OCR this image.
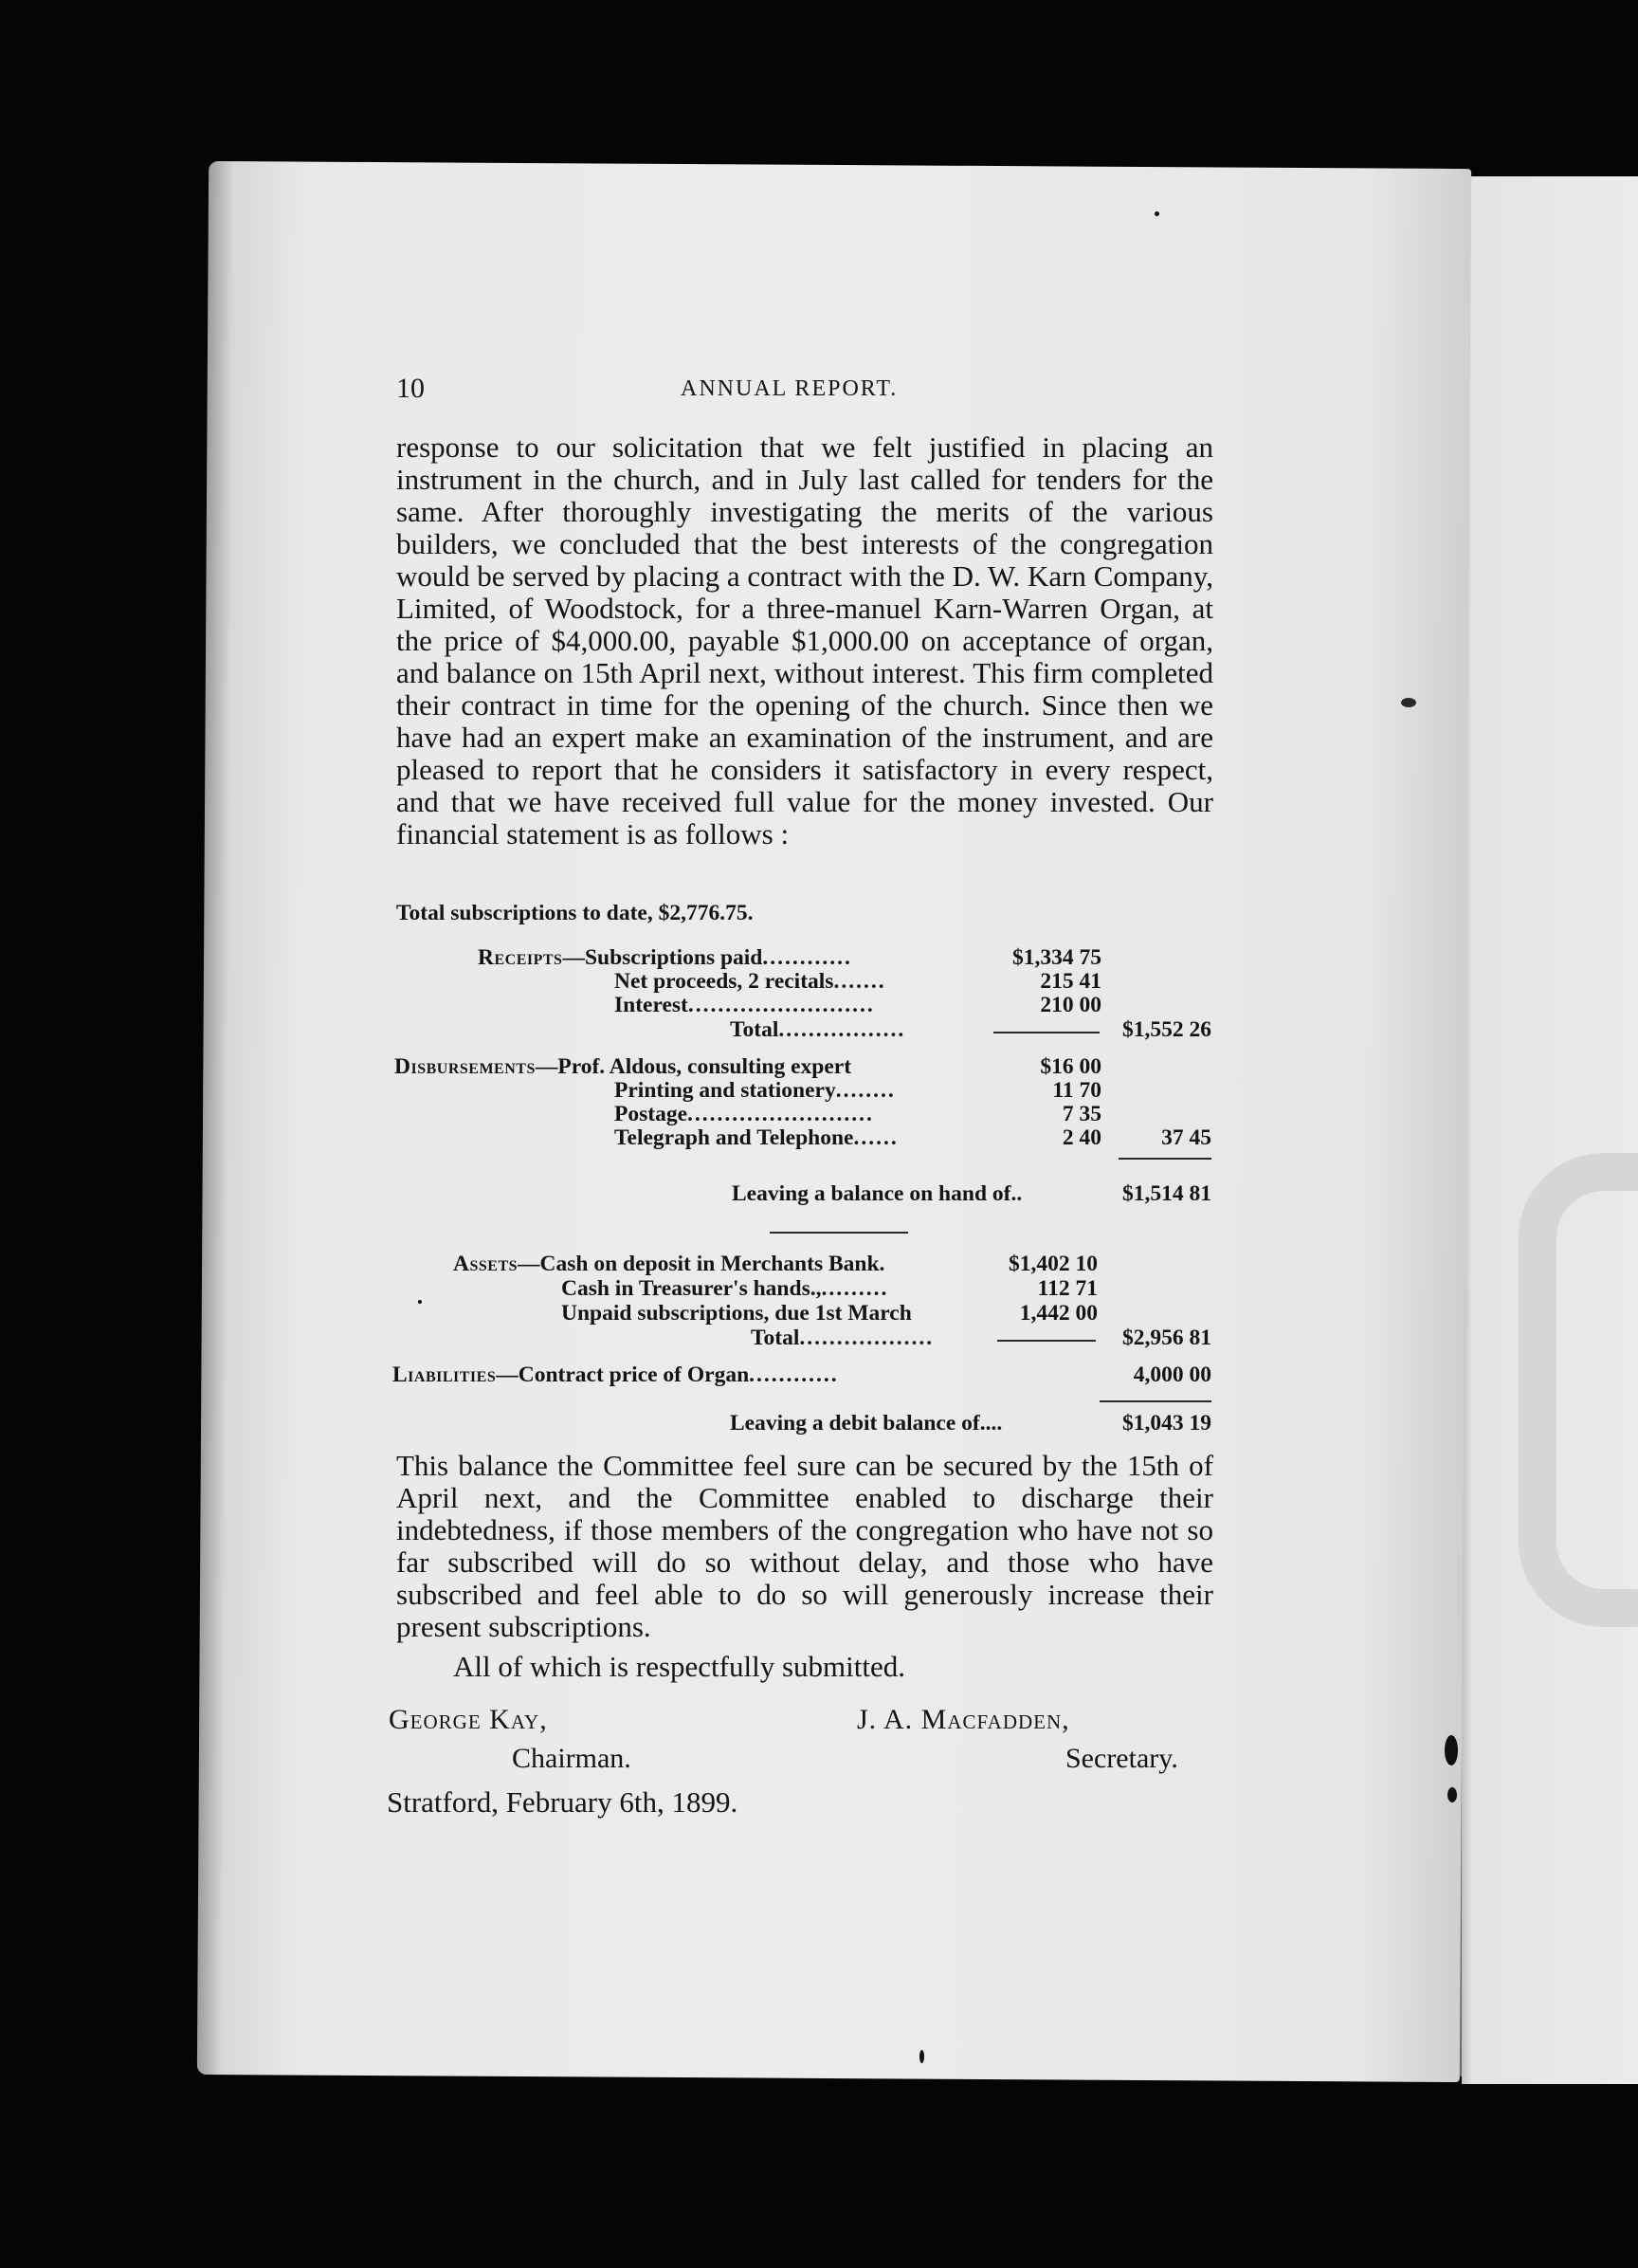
10	ANNUAL REPORT.

response to our solicitation that we felt justified in placing an instrument in the church, and in July last called for tenders for the same. After thoroughly investigating the merits of the various builders, we concluded that the best interests of the congregation would be served by placing a contract with the D. W. Karn Company, Limited, of Woodstock, for a three-manuel Karn-Warren Organ, at the price of $4,000.00, payable $1,000.00 on acceptance of organ, and balance on 15th April next, without interest. This firm completed their contract in time for the opening of the church. Since then we have had an expert make an examination of the instrument, and are pleased to report that he considers it satisfactory in every respect, and that we have received full value for the money invested. Our financial statement is as follows :

Total subscriptions to date, $2,776.75.
Receipts—Subscriptions paid............	$1,334 75
Net proceeds, 2 recitals.......	215 41
Interest.........................	210 00
Total.................	$1,552 26
Disbursements—Prof. Aldous, consulting expert	$16 00
Printing and stationery........	11 70
Postage.........................	7 35
Telegraph and Telephone......	2 40	37 45
Leaving a balance on hand of..	$1,514 81
Assets—Cash on deposit in Merchants Bank.	$1,402 10
Cash in Treasurer's hands.,.........	112 71
Unpaid subscriptions, due 1st March	1,442 00
Total..................	$2,956 81
Liabilities—Contract price of Organ............	4,000 00
Leaving a debit balance of....	$1,043 19

This balance the Committee feel sure can be secured by the 15th of April next, and the Committee enabled to discharge their indebtedness, if those members of the congregation who have not so far subscribed will do so without delay, and those who have subscribed and feel able to do so will generously increase their present subscriptions.

All of which is respectfully submitted.
George Kay,
Chairman.
J. A. Macfadden,
Secretary.
Stratford, February 6th, 1899.
